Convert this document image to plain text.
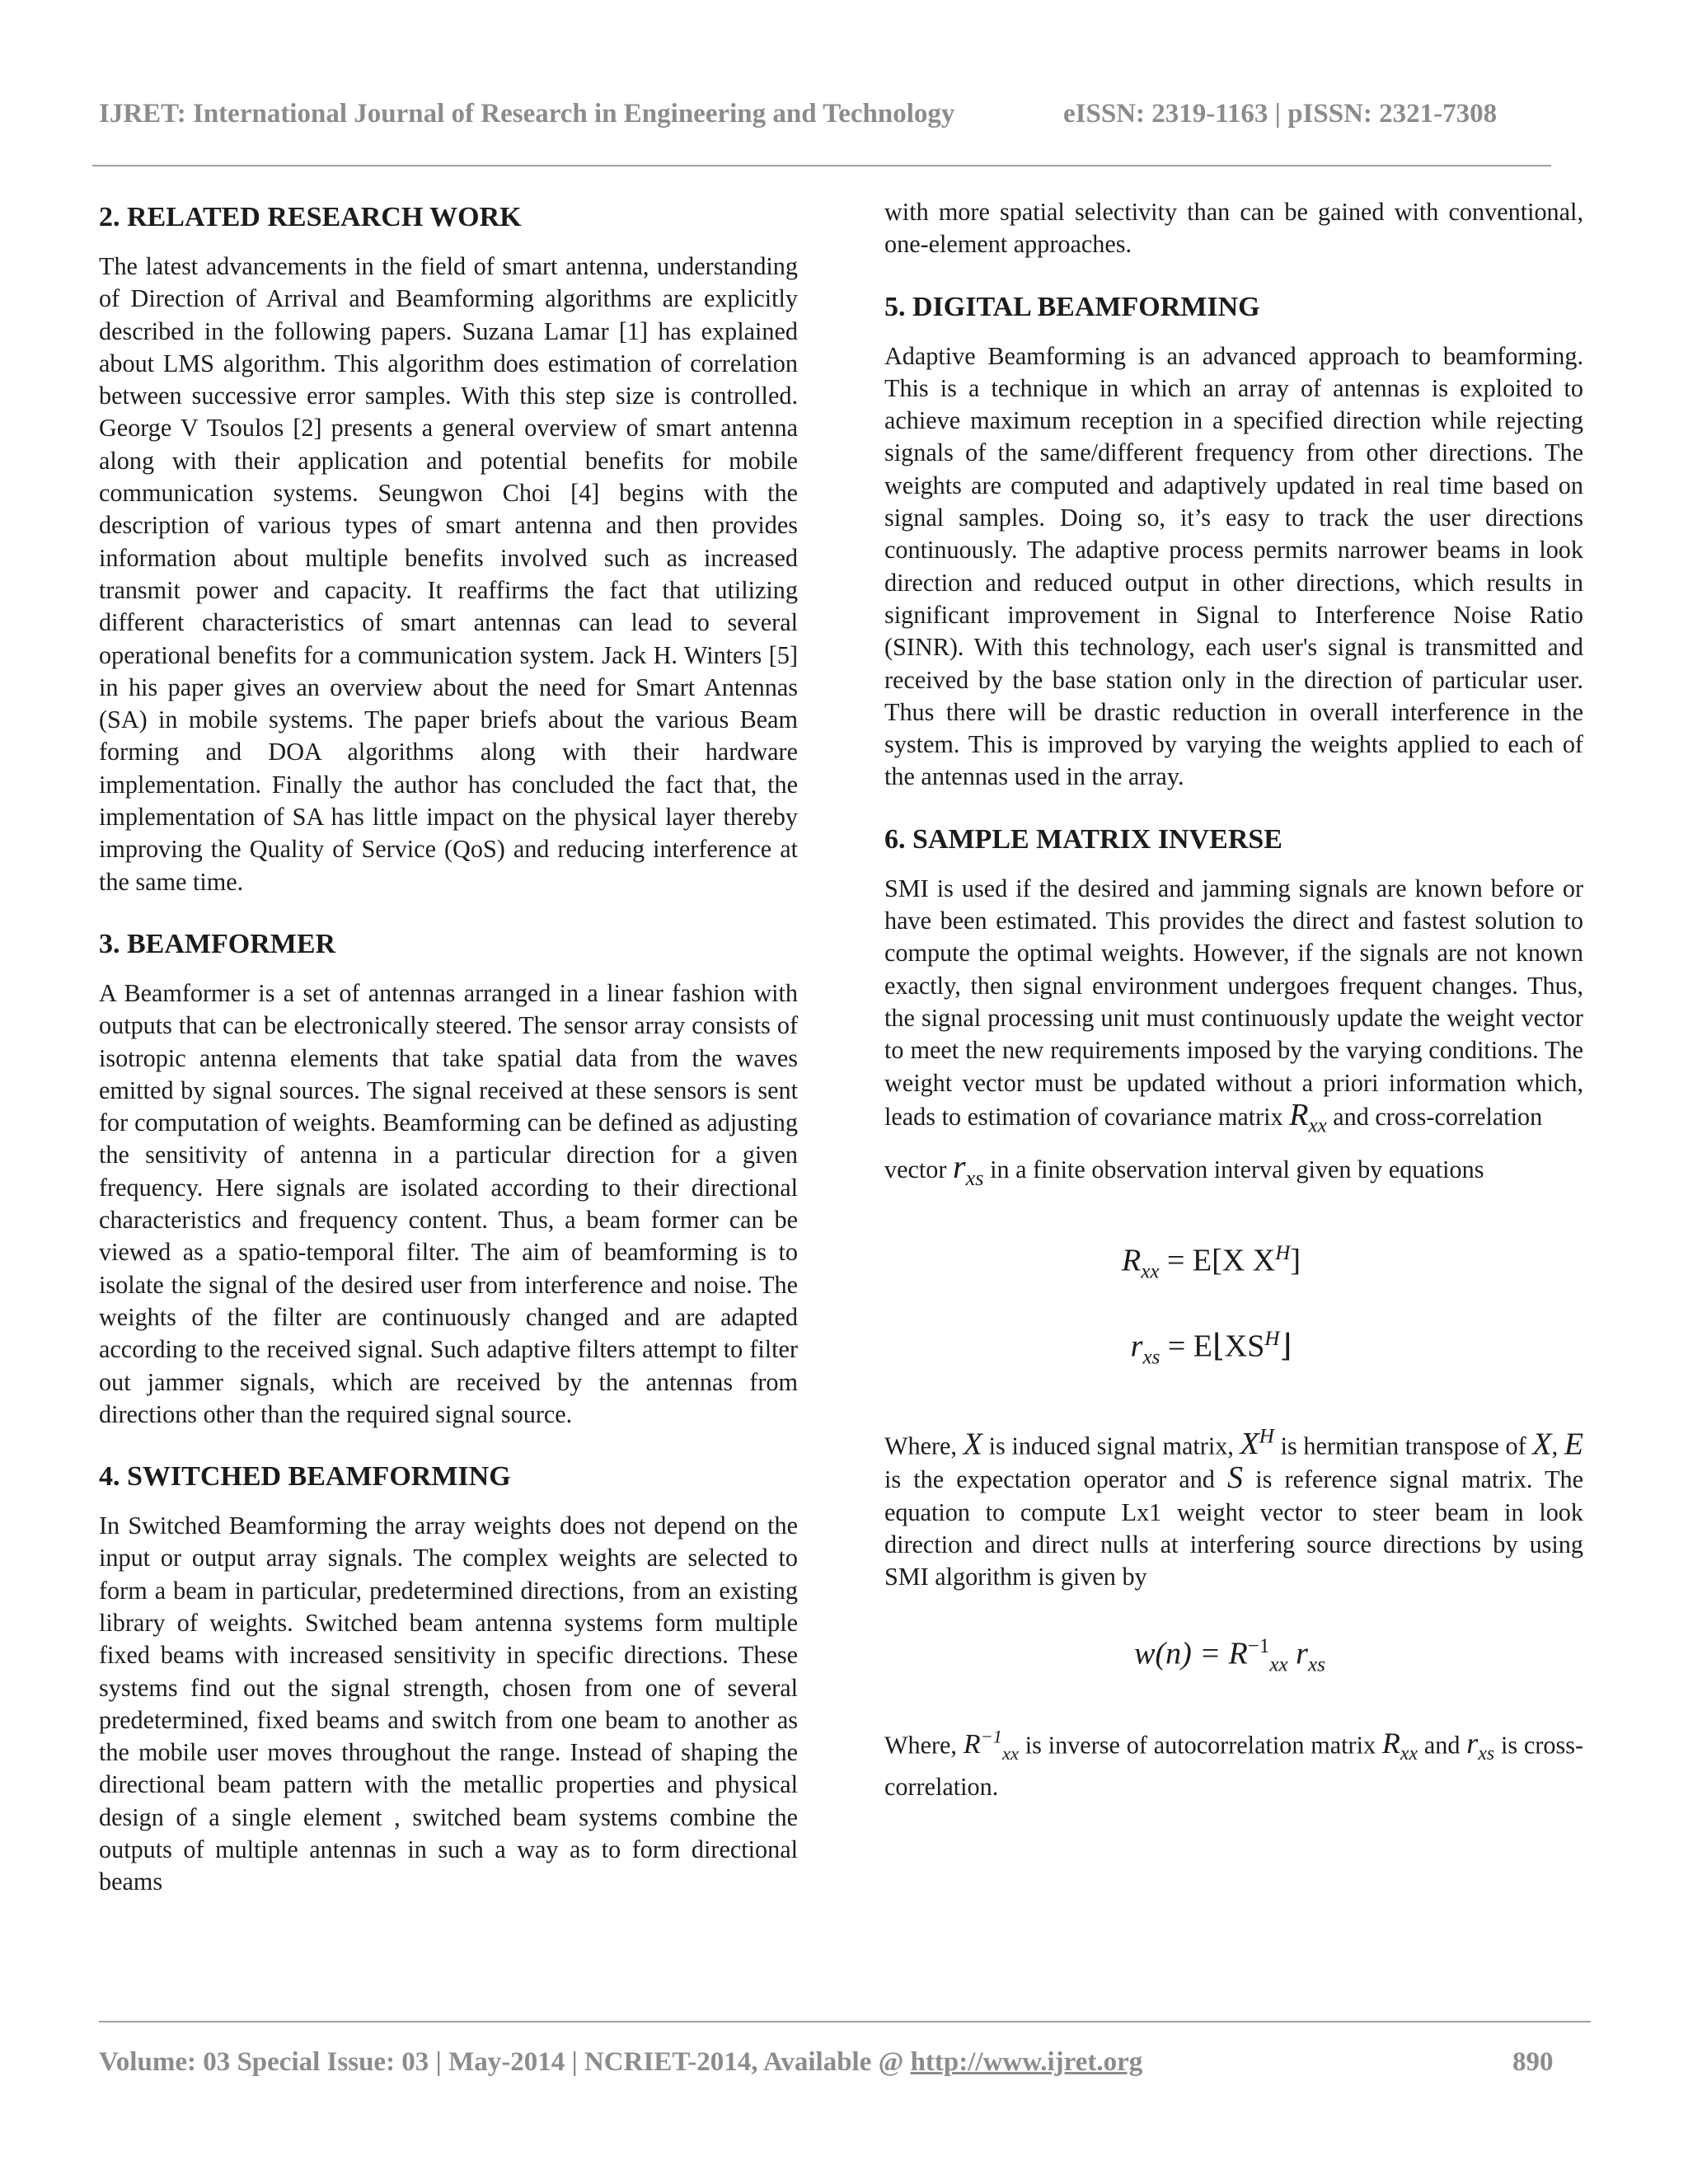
IJRET: International Journal of Research in Engineering and Technology	eISSN: 2319-1163 | pISSN: 2321-7308
2. RELATED RESEARCH WORK

The latest advancements in the field of smart antenna, understanding of Direction of Arrival and Beamforming algorithms are explicitly described in the following papers. Suzana Lamar [1] has explained about LMS algorithm. This algorithm does estimation of correlation between successive error samples. With this step size is controlled. George V Tsoulos [2] presents a general overview of smart antenna along with their application and potential benefits for mobile communication systems. Seungwon Choi [4] begins with the description of various types of smart antenna and then provides information about multiple benefits involved such as increased transmit power and capacity. It reaffirms the fact that utilizing different characteristics of smart antennas can lead to several operational benefits for a communication system. Jack H. Winters [5] in his paper gives an overview about the need for Smart Antennas (SA) in mobile systems. The paper briefs about the various Beam forming and DOA algorithms along with their hardware implementation. Finally the author has concluded the fact that, the implementation of SA has little impact on the physical layer thereby improving the Quality of Service (QoS) and reducing interference at the same time.

3. BEAMFORMER

A Beamformer is a set of antennas arranged in a linear fashion with outputs that can be electronically steered. The sensor array consists of isotropic antenna elements that take spatial data from the waves emitted by signal sources. The signal received at these sensors is sent for computation of weights. Beamforming can be defined as adjusting the sensitivity of antenna in a particular direction for a given frequency. Here signals are isolated according to their directional characteristics and frequency content. Thus, a beam former can be viewed as a spatio-temporal filter. The aim of beamforming is to isolate the signal of the desired user from interference and noise. The weights of the filter are continuously changed and are adapted according to the received signal. Such adaptive filters attempt to filter out jammer signals, which are received by the antennas from directions other than the required signal source.

4. SWITCHED BEAMFORMING

In Switched Beamforming the array weights does not depend on the input or output array signals. The complex weights are selected to form a beam in particular, predetermined directions, from an existing library of weights. Switched beam antenna systems form multiple fixed beams with increased sensitivity in specific directions. These systems find out the signal strength, chosen from one of several predetermined, fixed beams and switch from one beam to another as the mobile user moves throughout the range. Instead of shaping the directional beam pattern with the metallic properties and physical design of a single element , switched beam systems combine the outputs of multiple antennas in such a way as to form directional beams

with more spatial selectivity than can be gained with conventional, one-element approaches.

5. DIGITAL BEAMFORMING

Adaptive Beamforming is an advanced approach to beamforming. This is a technique in which an array of antennas is exploited to achieve maximum reception in a specified direction while rejecting signals of the same/different frequency from other directions. The weights are computed and adaptively updated in real time based on signal samples. Doing so, it’s easy to track the user directions continuously. The adaptive process permits narrower beams in look direction and reduced output in other directions, which results in significant improvement in Signal to Interference Noise Ratio (SINR). With this technology, each user's signal is transmitted and received by the base station only in the direction of particular user. Thus there will be drastic reduction in overall interference in the system. This is improved by varying the weights applied to each of the antennas used in the array.

6. SAMPLE MATRIX INVERSE

SMI is used if the desired and jamming signals are known before or have been estimated. This provides the direct and fastest solution to compute the optimal weights. However, if the signals are not known exactly, then signal environment undergoes frequent changes. Thus, the signal processing unit must continuously update the weight vector to meet the new requirements imposed by the varying conditions. The weight vector must be updated without a priori information which, leads to estimation of covariance matrix $R_{xx}$ and cross-correlation

vector $r_{xs}$ in a finite observation interval given by equations

$R_{xx} = E[X$ $X^H$]
$r_{xs}$ = $E⌊XS^H⌋$

Where, X is induced signal matrix, $X^H$ is hermitian transpose of X, E is the expectation operator and S is reference signal matrix. The equation to compute Lx1 weight vector to steer beam in look direction and direct nulls at interfering source directions by using SMI algorithm is given by

$w(n) = R^{-1}_{xx}$ $r_{xs}$

Where, $R^{-1}_{xx}$ is inverse of autocorrelation matrix $R_{xx}$ and $r_{xs}$ is cross-correlation.

Volume: 03 Special Issue: 03 | May-2014 | NCRIET-2014, Available @ http://www.ijret.org	890
